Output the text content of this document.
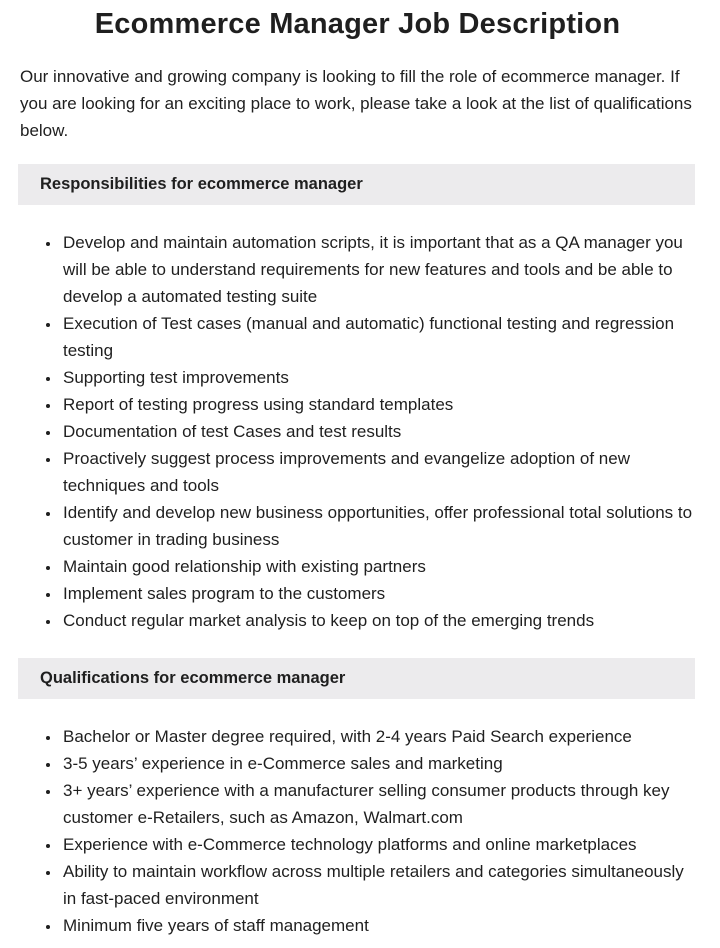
Ecommerce Manager Job Description

Our innovative and growing company is looking to fill the role of ecommerce manager. If you are looking for an exciting place to work, please take a look at the list of qualifications below.

Responsibilities for ecommerce manager
• Develop and maintain automation scripts, it is important that as a QA manager you will be able to understand requirements for new features and tools and be able to develop a automated testing suite
• Execution of Test cases (manual and automatic) functional testing and regression testing
• Supporting test improvements
• Report of testing progress using standard templates
• Documentation of test Cases and test results
• Proactively suggest process improvements and evangelize adoption of new techniques and tools
• Identify and develop new business opportunities, offer professional total solutions to customer in trading business
• Maintain good relationship with existing partners
• Implement sales program to the customers
• Conduct regular market analysis to keep on top of the emerging trends
Qualifications for ecommerce manager
• Bachelor or Master degree required, with 2-4 years Paid Search experience
• 3-5 years’ experience in e-Commerce sales and marketing
• 3+ years’ experience with a manufacturer selling consumer products through key customer e-Retailers, such as Amazon, Walmart.com
• Experience with e-Commerce technology platforms and online marketplaces
• Ability to maintain workflow across multiple retailers and categories simultaneously in fast-paced environment
• Minimum five years of staff management
